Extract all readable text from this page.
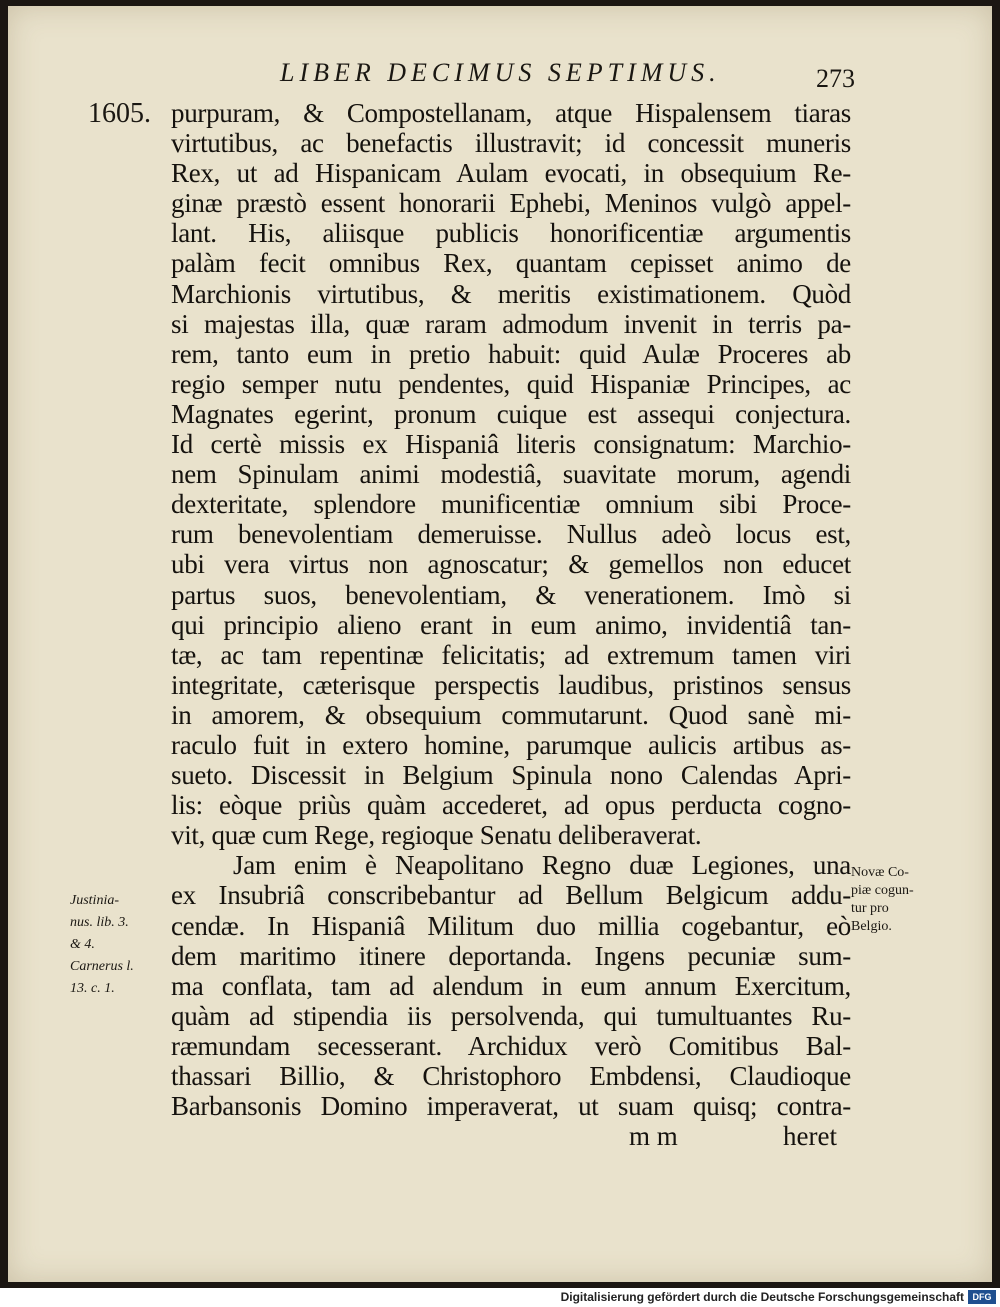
LIBER DECIMUS SEPTIMUS.	273
1605. purpuram, & Compostellanam, atque Hispalensem tiaras
virtutibus, ac benefactis illustravit; id concessit muneris
Rex, ut ad Hispanicam Aulam evocati, in obsequium Re-
ginæ præstò essent honorarii Ephebi, Meninos vulgò appel-
lant. His, aliisque publicis honorificentiæ argumentis
palàm fecit omnibus Rex, quantam cepisset animo de
Marchionis virtutibus, & meritis existimationem. Quòd
si majestas illa, quæ raram admodum invenit in terris pa-
rem, tanto eum in pretio habuit: quid Aulæ Proceres ab
regio semper nutu pendentes, quid Hispaniæ Principes, ac
Magnates egerint, pronum cuique est assequi conjectura.
Id certè missis ex Hispaniâ literis consignatum: Marchio-
nem Spinulam animi modestiâ, suavitate morum, agendi
dexteritate, splendore munificentiæ omnium sibi Proce-
rum benevolentiam demeruisse. Nullus adeò locus est,
ubi vera virtus non agnoscatur; & gemellos non educet
partus suos, benevolentiam, & venerationem. Imò si
qui principio alieno erant in eum animo, invidentiâ tan-
tæ, ac tam repentinæ felicitatis; ad extremum tamen viri
integritate, cæterisque perspectis laudibus, pristinos sensus
in amorem, & obsequium commutarunt. Quod sanè mi-
raculo fuit in extero homine, parumque aulicis artibus as-
sueto. Discessit in Belgium Spinula nono Calendas Apri-
lis: eòque priùs quàm accederet, ad opus perducta cogno-
vit, quæ cum Rege, regioque Senatu deliberaverat.
Jam enim è Neapolitano Regno duæ Legiones, una
ex Insubriâ conscribebantur ad Bellum Belgicum addu-
cendæ. In Hispaniâ Militum duo millia cogebantur, eò
dem maritimo itinere deportanda. Ingens pecuniæ sum-
ma conflata, tam ad alendum in eum annum Exercitum,
quàm ad stipendia iis persolvenda, qui tumultuantes Ru-
ræmundam secesserant. Archidux verò Comitibus Bal-
thassari Billio, & Christophoro Embdensi, Claudioque
Barbansonis Domino imperaverat, ut suam quisq; contra-
m m	heret
Justinia-
nus. lib. 3.
& 4.
Carnerus l.
13. c. 1.
Novæ Co-
piæ cogun-
tur pro
Belgio.
Digitalisierung gefördert durch die Deutsche Forschungsgemeinschaft DFG
